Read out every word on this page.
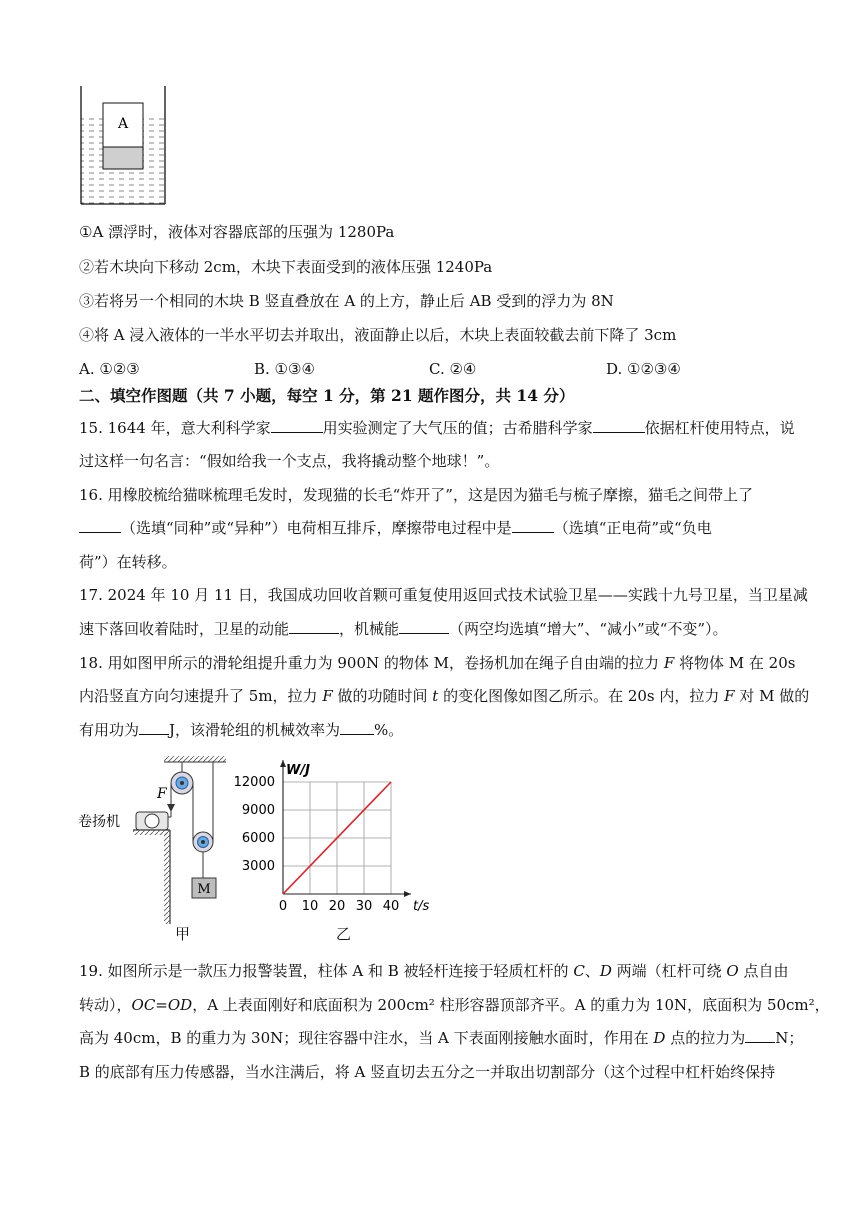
A
①A 漂浮时，液体对容器底部的压强为 1280Pa
②若木块向下移动 2cm，木块下表面受到的液体压强 1240Pa
③若将另一个相同的木块 B 竖直叠放在 A 的上方，静止后 AB 受到的浮力为 8N
④将 A 浸入液体的一半水平切去并取出，液面静止以后，木块上表面较截去前下降了 3cm
A. ①②③	B. ①③④	C. ②④	D. ①②③④
二、填空作图题（共 7 小题，每空 1 分，第 21 题作图分，共 14 分）
15. 1644 年，意大利科学家	用实验测定了大气压的值；古希腊科学家	依据杠杆使用特点，说
过这样一句名言：“假如给我一个支点，我将撬动整个地球！”。
16. 用橡胶梳给猫咪梳理毛发时，发现猫的长毛“炸开了”，这是因为猫毛与梳子摩擦，猫毛之间带上了
（选填“同种”或“异种”）电荷相互排斥，摩擦带电过程中是	（选填“正电荷”或“负电
荷”）在转移。
17. 2024 年 10 月 11 日，我国成功回收首颗可重复使用返回式技术试验卫星——实践十九号卫星，当卫星减
速下落回收着陆时，卫星的动能	，机械能	（两空均选填“增大”、“减小”或“不变”）。
18. 用如图甲所示的滑轮组提升重力为 900N 的物体 M，卷扬机加在绳子自由端的拉力 F 将物体 M 在 20s
内沿竖直方向匀速提升了 5m，拉力 F 做的功随时间 t 的变化图像如图乙所示。在 20s 内，拉力 F 对 M 做的
有用功为 J，该滑轮组的机械效率为 %。
M
F
卷扬机
甲
0 10 20 30 40
3000
6000
9000
12000
t/s
W/J
乙
19. 如图所示是一款压力报警装置，柱体 A 和 B 被轻杆连接于轻质杠杆的 C、D 两端（杠杆可绕 O 点自由
转动），OC=OD，A 上表面刚好和底面积为 200cm² 柱形容器顶部齐平。A 的重力为 10N，底面积为 50cm²，
高为 40cm，B 的重力为 30N；现往容器中注水，当 A 下表面刚接触水面时，作用在 D 点的拉力为 N；
B 的底部有压力传感器，当水注满后，将 A 竖直切去五分之一并取出切割部分（这个过程中杠杆始终保持
